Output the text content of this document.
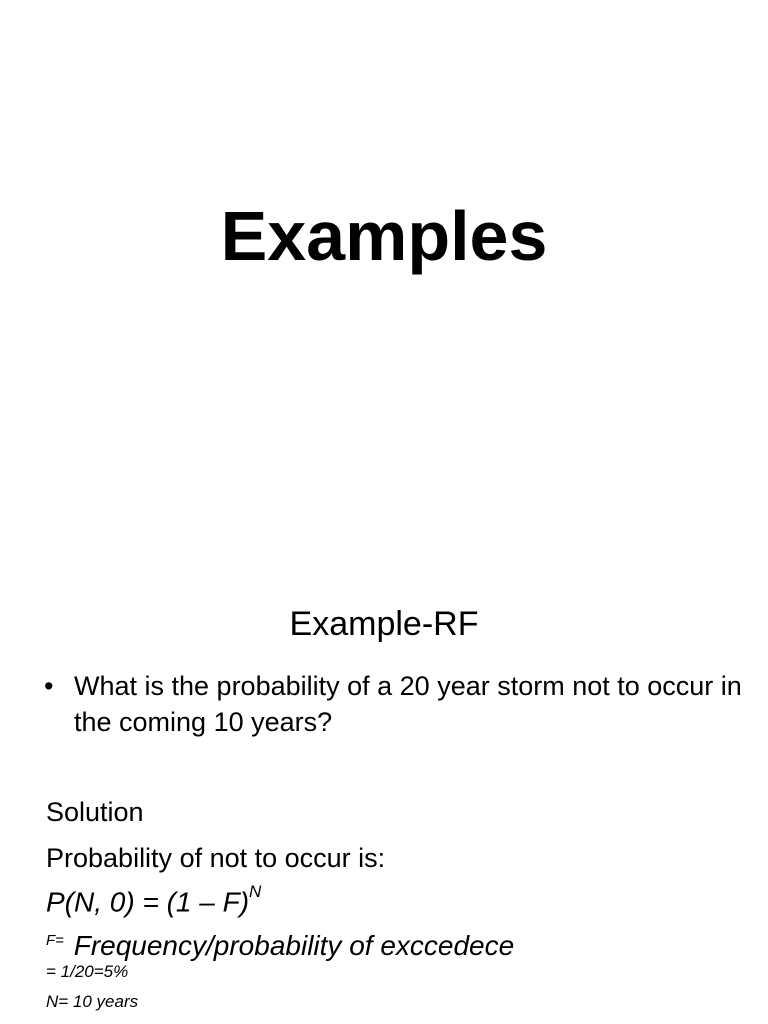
Examples
Example-RF
• What is the probability of a 20 year storm not to occur in the coming 10 years?
Solution
Probability of not to occur is:
P(N, 0) = (1 – F)$^N$
$^{F=}$ Frequency/probability of exccedece
= 1/20=5%
N= 10 years
